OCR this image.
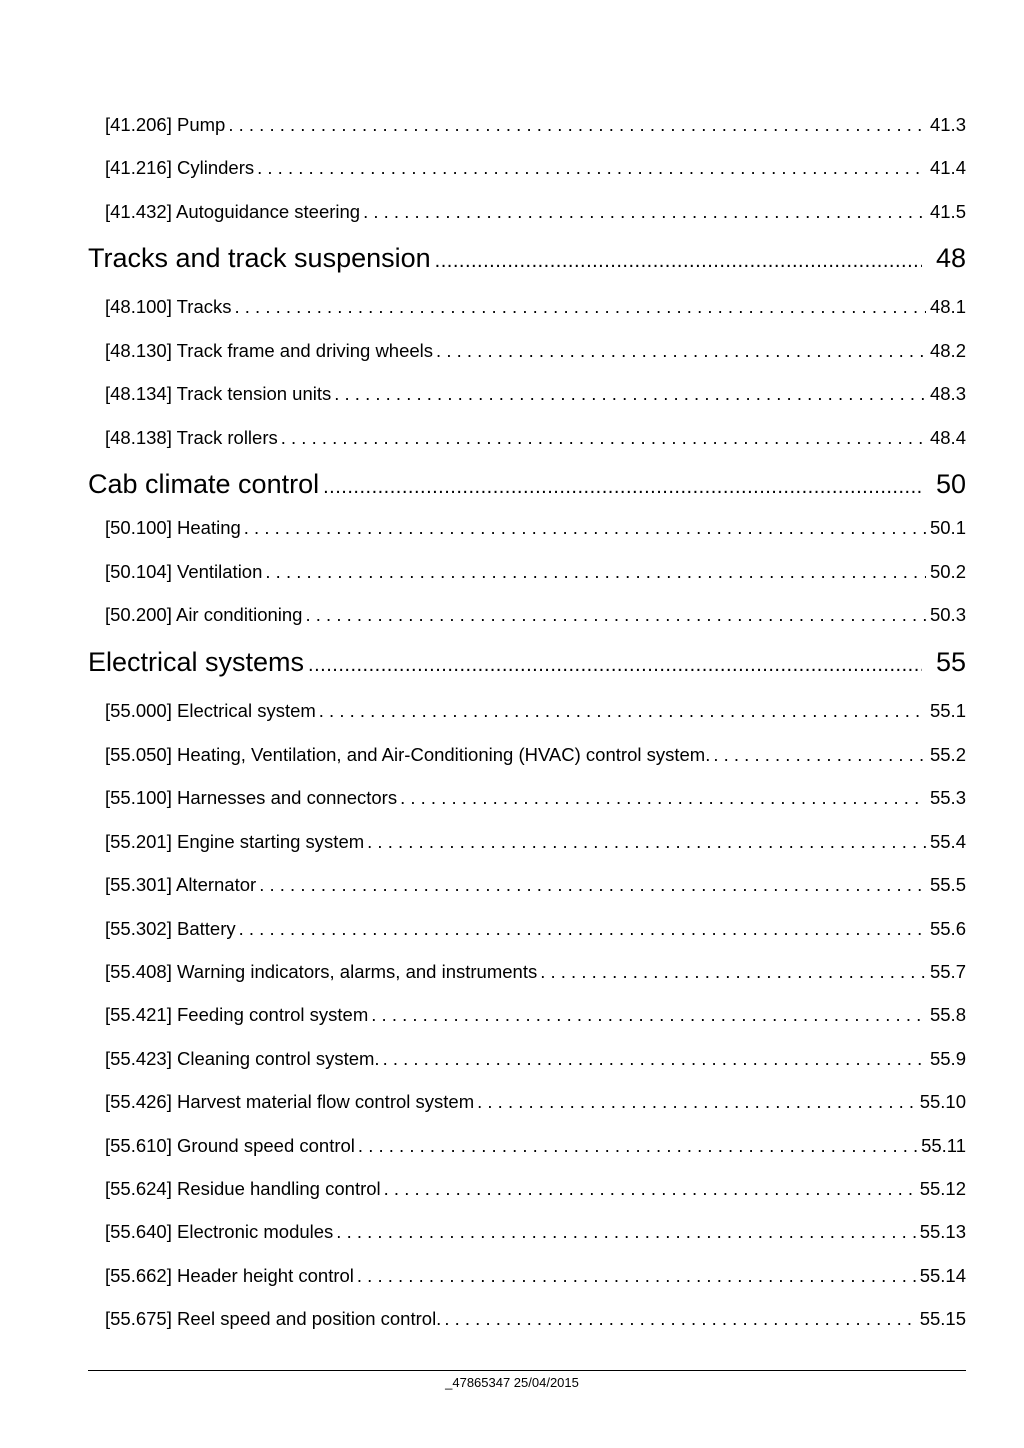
[41.206] Pump . . .	41.3
[41.216] Cylinders . . .	41.4
[41.432] Autoguidance steering . . .	41.5
Tracks and track suspension .....	48
[48.100] Tracks . . .	48.1
[48.130] Track frame and driving wheels . . .	48.2
[48.134] Track tension units . . .	48.3
[48.138] Track rollers . . .	48.4
Cab climate control .....	50
[50.100] Heating . . .	50.1
[50.104] Ventilation . . .	50.2
[50.200] Air conditioning . . .	50.3
Electrical systems .....	55
[55.000] Electrical system . . .	55.1
[55.050] Heating, Ventilation, and Air-Conditioning (HVAC) control system. . . .	55.2
[55.100] Harnesses and connectors . . .	55.3
[55.201] Engine starting system . . .	55.4
[55.301] Alternator . . .	55.5
[55.302] Battery . . .	55.6
[55.408] Warning indicators, alarms, and instruments . . .	55.7
[55.421] Feeding control system . . .	55.8
[55.423] Cleaning control system. . . .	55.9
[55.426] Harvest material flow control system . . .	55.10
[55.610] Ground speed control . . .	55.11
[55.624] Residue handling control . . .	55.12
[55.640] Electronic modules . . .	55.13
[55.662] Header height control . . .	55.14
[55.675] Reel speed and position control. . . .	55.15
_47865347 25/04/2015
